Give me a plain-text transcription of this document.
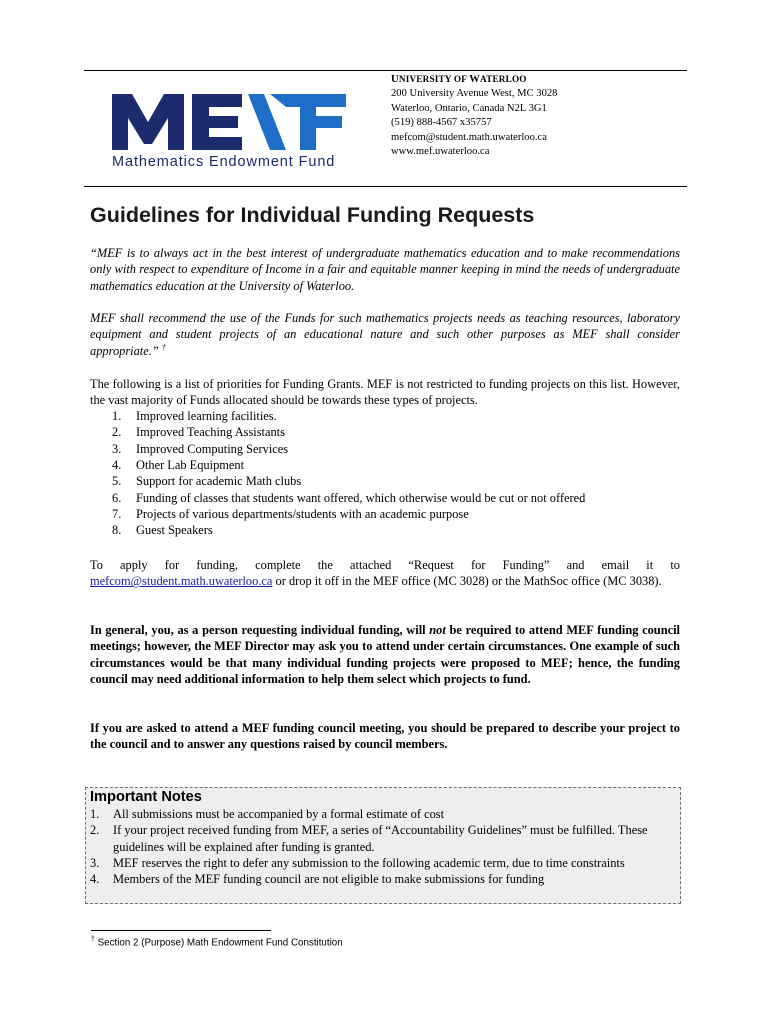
Mathematics Endowment Fund
UNIVERSITY OF WATERLOO
200 University Avenue West, MC 3028
Waterloo, Ontario, Canada N2L 3G1
(519) 888-4567 x35757
mefcom@student.math.uwaterloo.ca
www.mef.uwaterloo.ca
Guidelines for Individual Funding Requests

“MEF is to always act in the best interest of undergraduate mathematics education and to make recommendations only with respect to expenditure of Income in a fair and equitable manner keeping in mind the needs of undergraduate mathematics education at the University of Waterloo.

MEF shall recommend the use of the Funds for such mathematics projects needs as teaching resources, laboratory equipment and student projects of an educational nature and such other purposes as MEF shall consider appropriate.” †

The following is a list of priorities for Funding Grants. MEF is not restricted to funding projects on this list. However, the vast majority of Funds allocated should be towards these types of projects.

1.	Improved learning facilities.
2.	Improved Teaching Assistants
3.	Improved Computing Services
4.	Other Lab Equipment
5.	Support for academic Math clubs
6.	Funding of classes that students want offered, which otherwise would be cut or not offered
7.	Projects of various departments/students with an academic purpose
8.	Guest Speakers

To apply for funding, complete the attached “Request for Funding” and email it to mefcom@student.math.uwaterloo.ca or drop it off in the MEF office (MC 3028) or the MathSoc office (MC 3038).

In general, you, as a person requesting individual funding, will not be required to attend MEF funding council meetings; however, the MEF Director may ask you to attend under certain circumstances. One example of such circumstances would be that many individual funding projects were proposed to MEF; hence, the funding council may need additional information to help them select which projects to fund.

If you are asked to attend a MEF funding council meeting, you should be prepared to describe your project to the council and to answer any questions raised by council members.

Important Notes
1. All submissions must be accompanied by a formal estimate of cost
2. If your project received funding from MEF, a series of “Accountability Guidelines” must be fulfilled. These guidelines will be explained after funding is granted.
3. MEF reserves the right to defer any submission to the following academic term, due to time constraints
4. Members of the MEF funding council are not eligible to make submissions for funding
† Section 2 (Purpose) Math Endowment Fund Constitution
